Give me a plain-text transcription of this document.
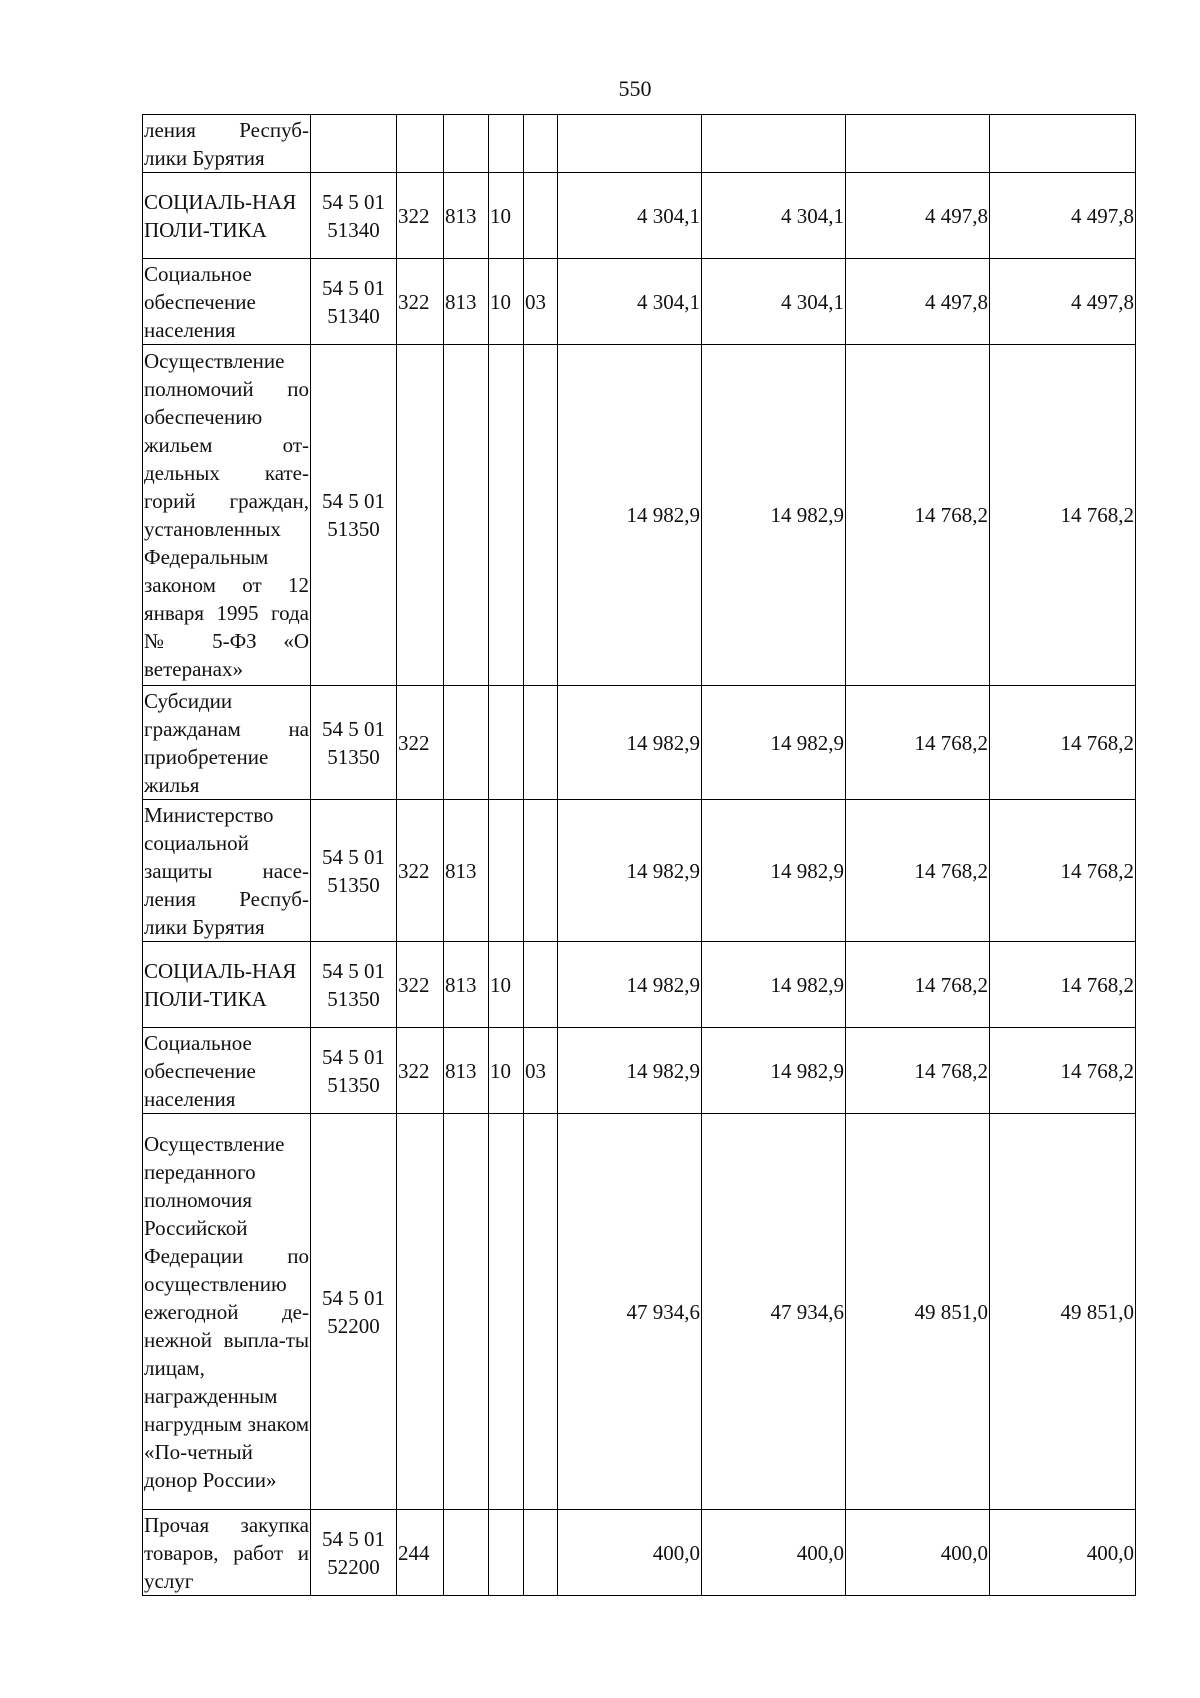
550
ления Респуб-лики Бурятия									
СОЦИАЛЬ-НАЯ ПОЛИ-ТИКА	54 5 01 51340	322	813	10		4 304,1	4 304,1	4 497,8	4 497,8
Социальное обеспечение населения	54 5 01 51340	322	813	10	03	4 304,1	4 304,1	4 497,8	4 497,8
Осуществление полномочий по обеспечению жильем от-дельных кате-горий граждан, установленных Федеральным законом от 12 января 1995 года № 5-ФЗ «О ветеранах»	54 5 01 51350					14 982,9	14 982,9	14 768,2	14 768,2
Субсидии гражданам на приобретение жилья	54 5 01 51350	322				14 982,9	14 982,9	14 768,2	14 768,2
Министерство социальной защиты насе-ления Респуб-лики Бурятия	54 5 01 51350	322	813			14 982,9	14 982,9	14 768,2	14 768,2
СОЦИАЛЬ-НАЯ ПОЛИ-ТИКА	54 5 01 51350	322	813	10		14 982,9	14 982,9	14 768,2	14 768,2
Социальное обеспечение населения	54 5 01 51350	322	813	10	03	14 982,9	14 982,9	14 768,2	14 768,2
Осуществление переданного полномочия Российской Федерации по осуществлению ежегодной де-нежной выпла-ты лицам, награжденным нагрудным знаком «По-четный донор России»	54 5 01 52200					47 934,6	47 934,6	49 851,0	49 851,0
Прочая закупка товаров, работ и услуг	54 5 01 52200	244				400,0	400,0	400,0	400,0
